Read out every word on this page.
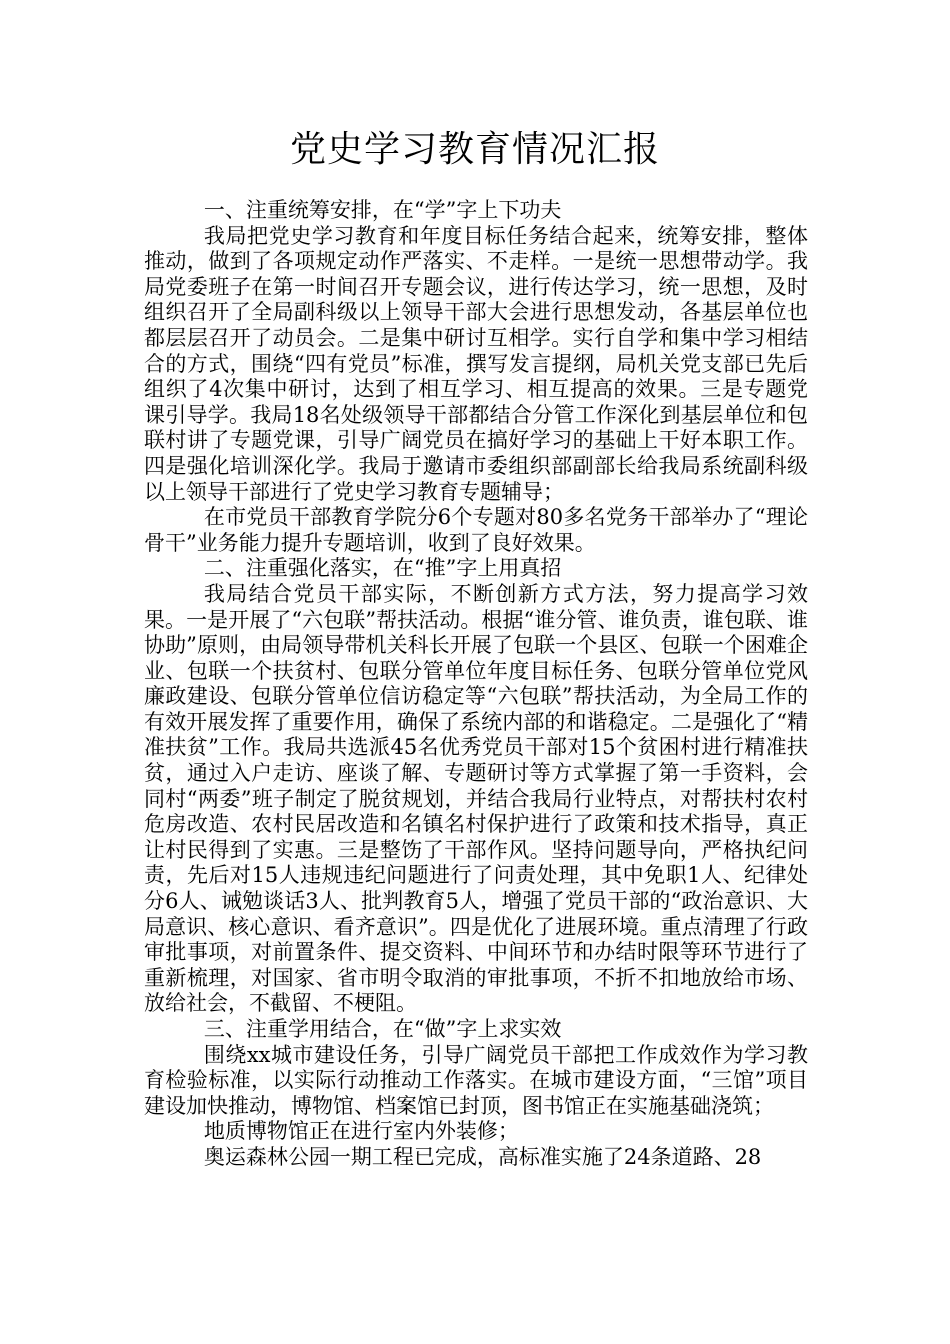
党史学习教育情况汇报

一、注重统筹安排，在“学”字上下功夫

我局把党史学习教育和年度目标任务结合起来，统筹安排，整体推动，做到了各项规定动作严落实、不走样。一是统一思想带动学。我局党委班子在第一时间召开专题会议，进行传达学习，统一思想，及时组织召开了全局副科级以上领导干部大会进行思想发动，各基层单位也都层层召开了动员会。二是集中研讨互相学。实行自学和集中学习相结合的方式，围绕“四有党员”标准，撰写发言提纲，局机关党支部已先后组织了4次集中研讨，达到了相互学习、相互提高的效果。三是专题党课引导学。我局18名处级领导干部都结合分管工作深化到基层单位和包联村讲了专题党课，引导广阔党员在搞好学习的基础上干好本职工作。四是强化培训深化学。我局于邀请市委组织部副部长给我局系统副科级以上领导干部进行了党史学习教育专题辅导；

在市党员干部教育学院分6个专题对80多名党务干部举办了“理论骨干”业务能力提升专题培训，收到了良好效果。

二、注重强化落实，在“推”字上用真招

我局结合党员干部实际，不断创新方式方法，努力提高学习效果。一是开展了“六包联”帮扶活动。根据“谁分管、谁负责，谁包联、谁协助”原则，由局领导带机关科长开展了包联一个县区、包联一个困难企业、包联一个扶贫村、包联分管单位年度目标任务、包联分管单位党风廉政建设、包联分管单位信访稳定等“六包联”帮扶活动，为全局工作的有效开展发挥了重要作用，确保了系统内部的和谐稳定。二是强化了“精准扶贫”工作。我局共选派45名优秀党员干部对15个贫困村进行精准扶贫，通过入户走访、座谈了解、专题研讨等方式掌握了第一手资料，会同村“两委”班子制定了脱贫规划，并结合我局行业特点，对帮扶村农村危房改造、农村民居改造和名镇名村保护进行了政策和技术指导，真正让村民得到了实惠。三是整饬了干部作风。坚持问题导向，严格执纪问责，先后对15人违规违纪问题进行了问责处理，其中免职1人、纪律处分6人、诫勉谈话3人、批判教育5人，增强了党员干部的“政治意识、大局意识、核心意识、看齐意识”。四是优化了进展环境。重点清理了行政审批事项，对前置条件、提交资料、中间环节和办结时限等环节进行了重新梳理，对国家、省市明令取消的审批事项，不折不扣地放给市场、放给社会，不截留、不梗阻。

三、注重学用结合，在“做”字上求实效

围绕xx城市建设任务，引导广阔党员干部把工作成效作为学习教育检验标准，以实际行动推动工作落实。在城市建设方面，“三馆”项目建设加快推动，博物馆、档案馆已封顶，图书馆正在实施基础浇筑；

地质博物馆正在进行室内外装修；

奥运森林公园一期工程已完成，高标准实施了24条道路、28
